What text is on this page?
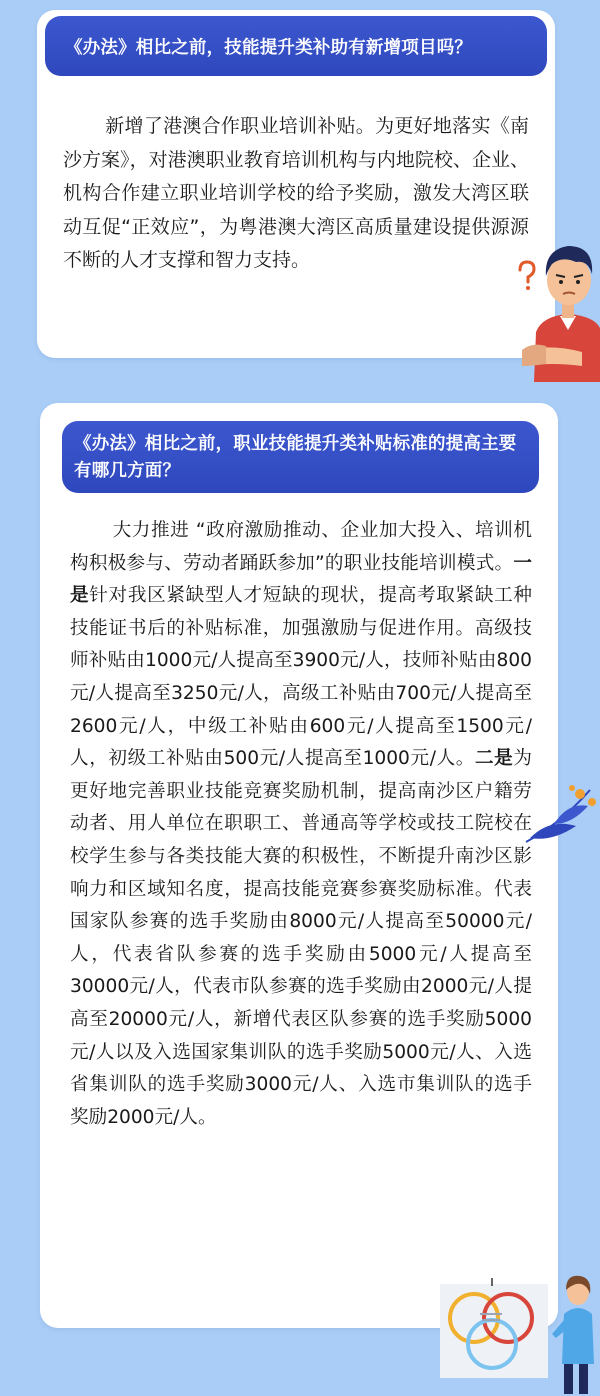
《办法》相比之前，技能提升类补助有新增项目吗？
新增了港澳合作职业培训补贴。为更好地落实《南沙方案》，对港澳职业教育培训机构与内地院校、企业、机构合作建立职业培训学校的给予奖励，激发大湾区联动互促“正效应”，为粤港澳大湾区高质量建设提供源源不断的人才支撑和智力支持。
《办法》相比之前，职业技能提升类补贴标准的提高主要有哪几方面？
大力推进 “政府激励推动、企业加大投入、培训机构积极参与、劳动者踊跃参加”的职业技能培训模式。一是针对我区紧缺型人才短缺的现状，提高考取紧缺工种技能证书后的补贴标准，加强激励与促进作用。高级技师补贴由1000元/人提高至3900元/人，技师补贴由800元/人提高至3250元/人，高级工补贴由700元/人提高至2600元/人，中级工补贴由600元/人提高至1500元/人，初级工补贴由500元/人提高至1000元/人。二是为更好地完善职业技能竞赛奖励机制，提高南沙区户籍劳动者、用人单位在职职工、普通高等学校或技工院校在校学生参与各类技能大赛的积极性，不断提升南沙区影响力和区域知名度，提高技能竞赛参赛奖励标准。代表国家队参赛的选手奖励由8000元/人提高至50000元/人，代表省队参赛的选手奖励由5000元/人提高至30000元/人，代表市队参赛的选手奖励由2000元/人提高至20000元/人，新增代表区队参赛的选手奖励5000元/人以及入选国家集训队的选手奖励5000元/人、入选省集训队的选手奖励3000元/人、入选市集训队的选手奖励2000元/人。
